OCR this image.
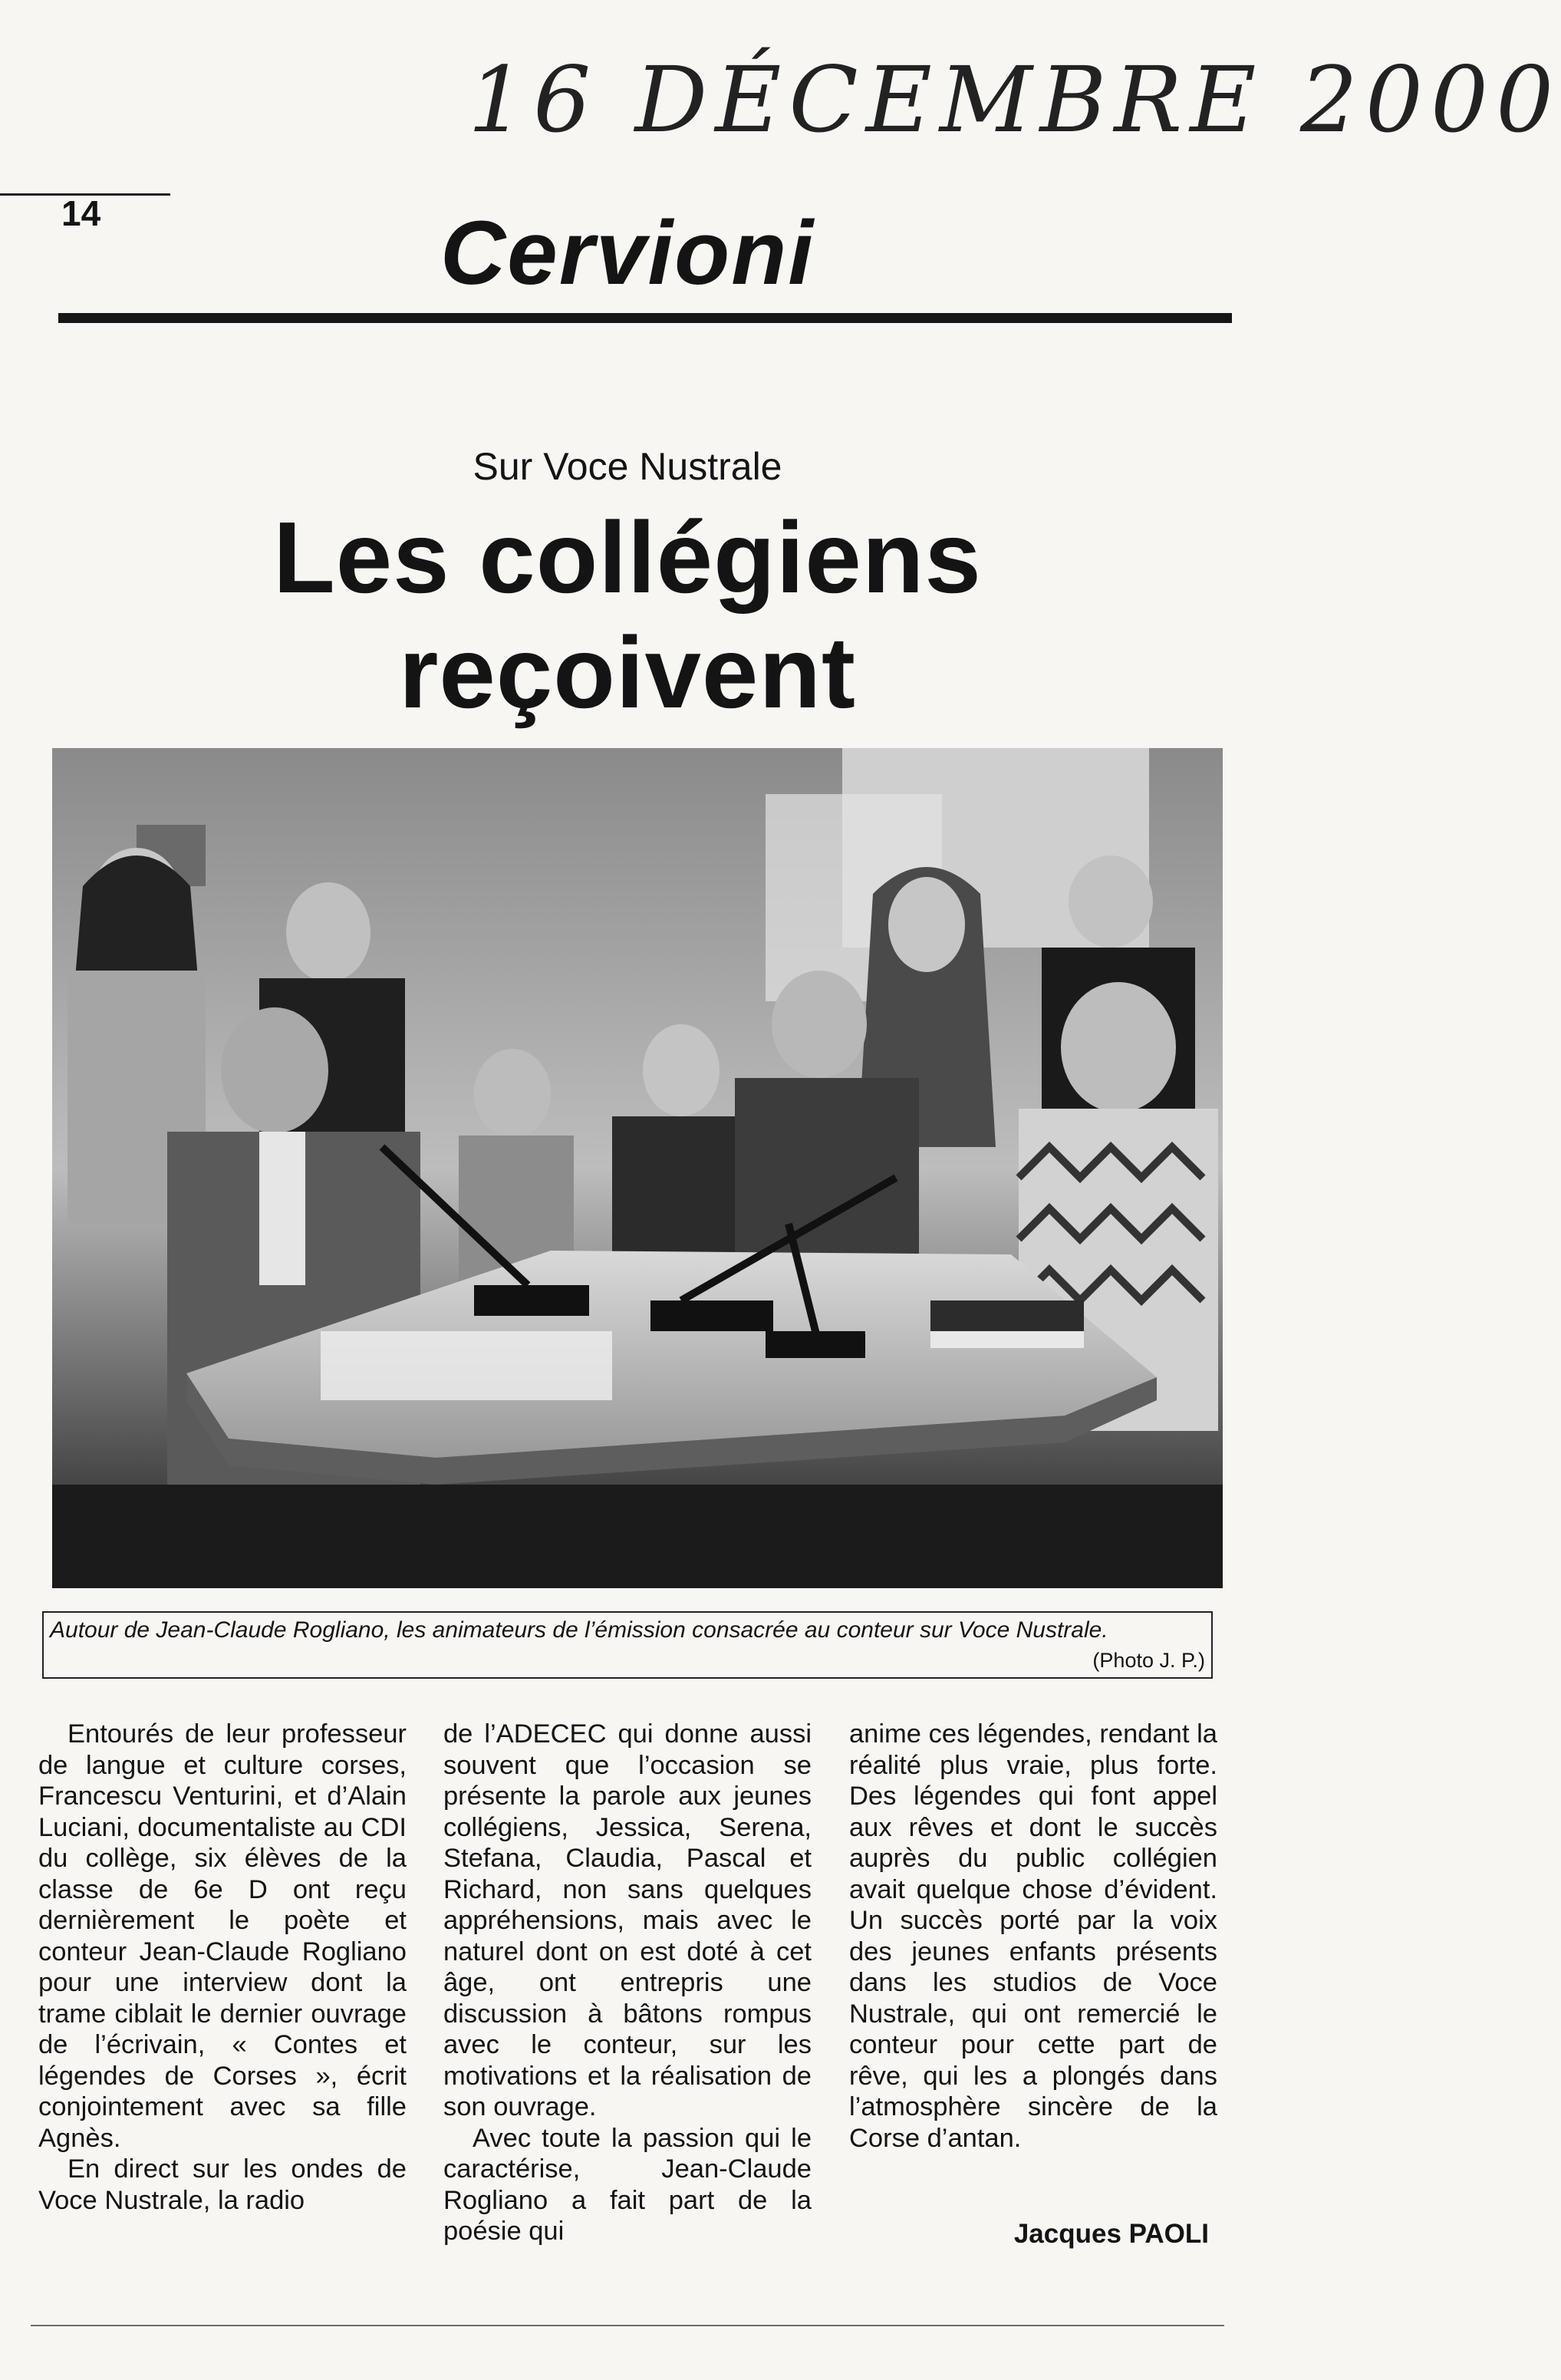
16 DÉCEMBRE 2000
14	Cervioni
Sur Voce Nustrale
Les collégiens reçoivent
Autour de Jean-Claude Rogliano, les animateurs de l’émission consacrée au conteur sur Voce Nustrale.
(Photo J. P.)

Entourés de leur professeur de langue et culture corses, Francescu Venturini, et d’Alain Luciani, documentaliste au CDI du collège, six élèves de la classe de 6e D ont reçu dernièrement le poète et conteur Jean-Claude Rogliano pour une interview dont la trame ciblait le dernier ouvrage de l’écrivain, « Contes et légendes de Corses », écrit conjointement avec sa fille Agnès.

En direct sur les ondes de Voce Nustrale, la radio

de l’ADECEC qui donne aussi souvent que l’occasion se présente la parole aux jeunes collégiens, Jessica, Serena, Stefana, Claudia, Pascal et Richard, non sans quelques appréhensions, mais avec le naturel dont on est doté à cet âge, ont entrepris une discussion à bâtons rompus avec le conteur, sur les motivations et la réalisation de son ouvrage.

Avec toute la passion qui le caractérise, Jean-Claude Rogliano a fait part de la poésie qui

anime ces légendes, rendant la réalité plus vraie, plus forte. Des légendes qui font appel aux rêves et dont le succès auprès du public collégien avait quelque chose d’évident. Un succès porté par la voix des jeunes enfants présents dans les studios de Voce Nustrale, qui ont remercié le conteur pour cette part de rêve, qui les a plongés dans l’atmosphère sincère de la Corse d’antan.

Jacques PAOLI
